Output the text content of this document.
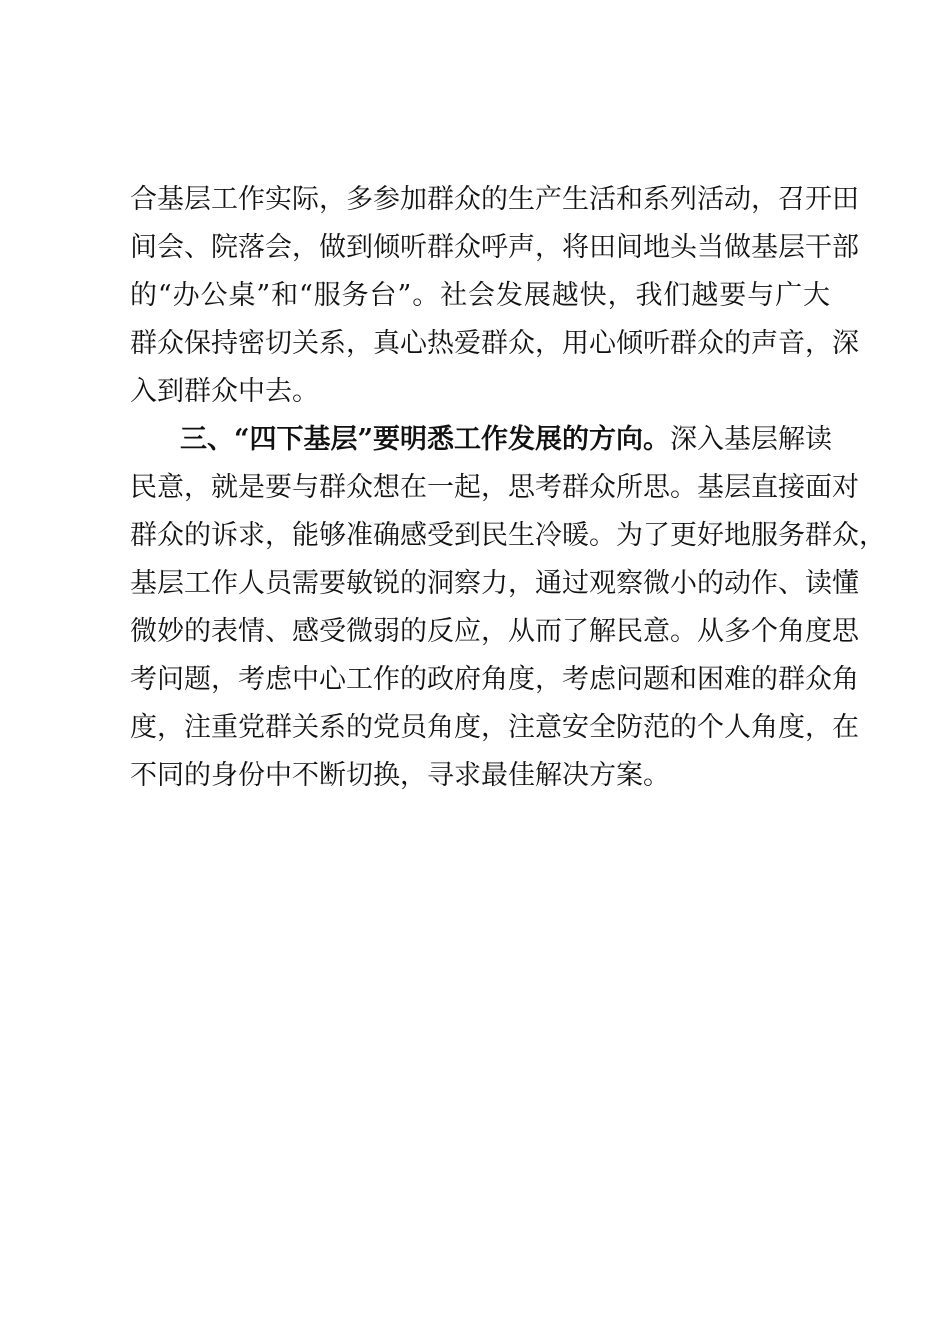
合基层工作实际，多参加群众的生产生活和系列活动，召开田
间会、院落会，做到倾听群众呼声，将田间地头当做基层干部
的“办公桌”和“服务台”。社会发展越快，我们越要与广大
群众保持密切关系，真心热爱群众，用心倾听群众的声音，深
入到群众中去。
三、“四下基层”要明悉工作发展的方向。深入基层解读
民意，就是要与群众想在一起，思考群众所思。基层直接面对
群众的诉求，能够准确感受到民生冷暖。为了更好地服务群众，
基层工作人员需要敏锐的洞察力，通过观察微小的动作、读懂
微妙的表情、感受微弱的反应，从而了解民意。从多个角度思
考问题，考虑中心工作的政府角度，考虑问题和困难的群众角
度，注重党群关系的党员角度，注意安全防范的个人角度，在
不同的身份中不断切换，寻求最佳解决方案。
